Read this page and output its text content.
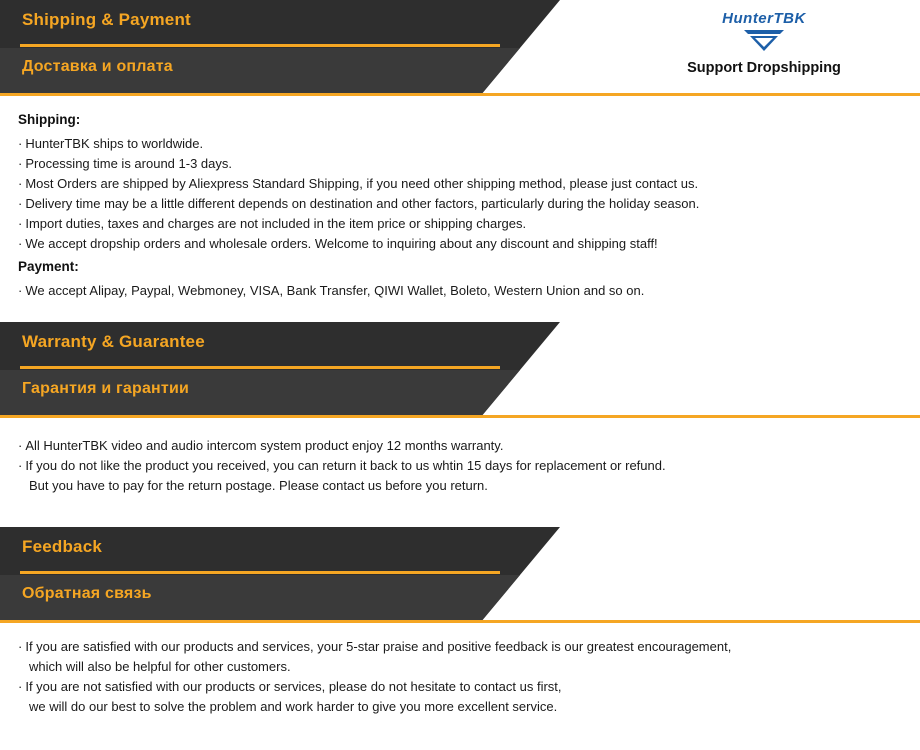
Shipping & Payment
Доставка и оплата
HunterTBK
Support Dropshipping
Shipping:
· HunterTBK ships to worldwide.
· Processing time is around 1-3 days.
· Most Orders are shipped by Aliexpress Standard Shipping, if you need other shipping method, please just contact us.
· Delivery time may be a little different depends on destination and other factors, particularly during the holiday season.
· Import duties, taxes and charges are not included in the item price or shipping charges.
· We accept dropship orders and wholesale orders. Welcome to inquiring about any discount and shipping staff!
Payment:
· We accept Alipay, Paypal, Webmoney, VISA, Bank Transfer, QIWI Wallet, Boleto, Western Union and so on.
Warranty & Guarantee
Гарантия и гарантии
· All HunterTBK video and audio intercom system product enjoy 12 months warranty.
· If you do not like the product you received, you can return it back to us whtin 15 days for replacement or refund.
But you have to pay for the return postage. Please contact us before you return.
Feedback
Обратная связь
· If you are satisfied with our products and services, your 5-star praise and positive feedback is our greatest encouragement,
which will also be helpful for other customers.
· If you are not satisfied with our products or services, please do not hesitate to contact us first,
we will do our best to solve the problem and work harder to give you more excellent service.
